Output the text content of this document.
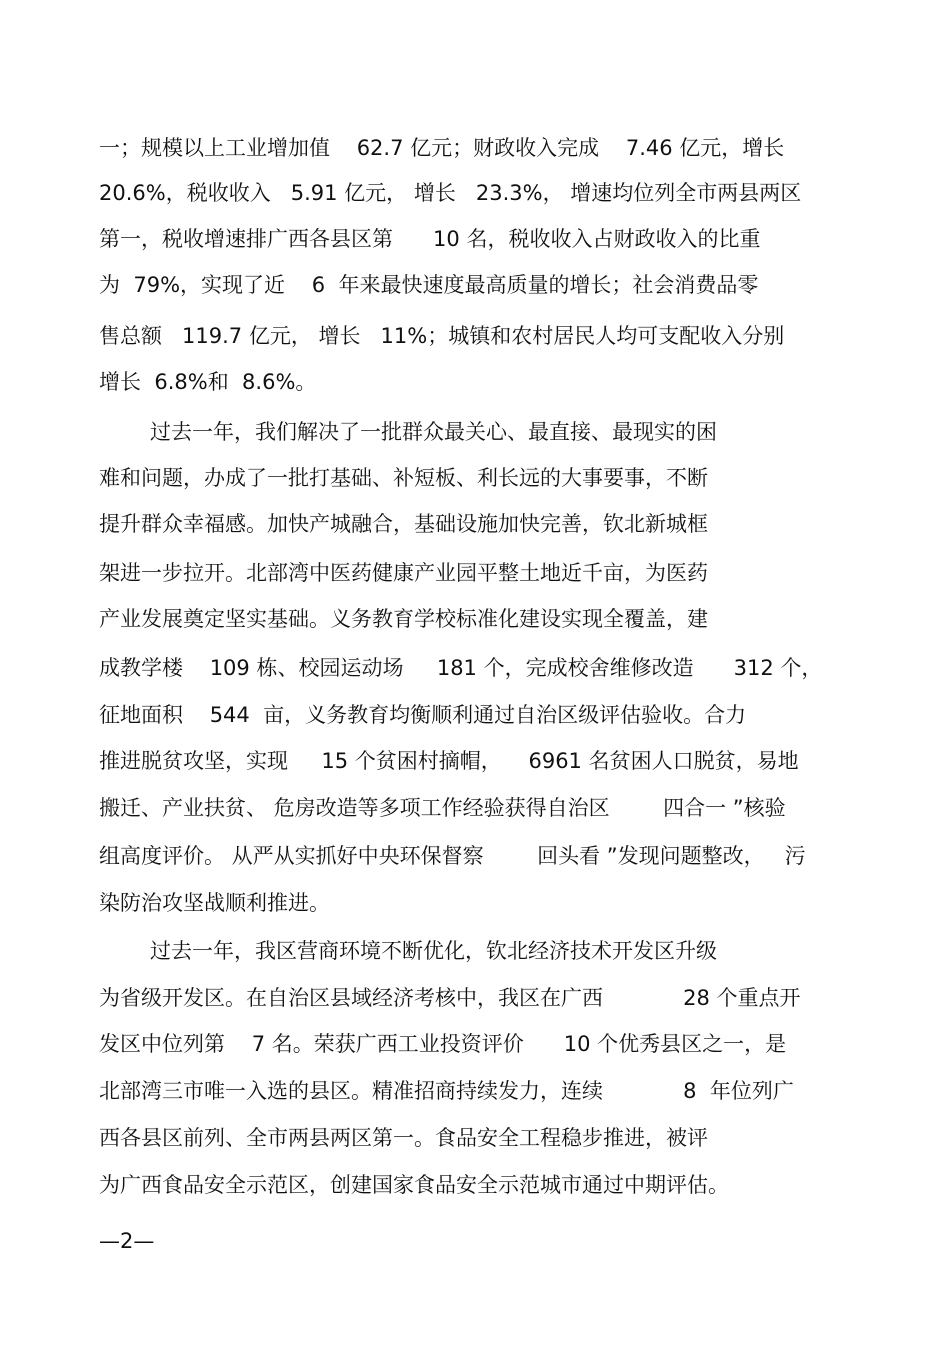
一；规模以上工业增加值    62.7 亿元；财政收入完成    7.46 亿元，增长
20.6%，税收收入   5.91 亿元， 增长   23.3%， 增速均位列全市两县两区
第一，税收增速排广西各县区第      10 名，税收收入占财政收入的比重
为  79%，实现了近    6  年来最快速度最高质量的增长；社会消费品零
售总额   119.7 亿元， 增长   11%；城镇和农村居民人均可支配收入分别
增长  6.8%和  8.6%。
过去一年，我们解决了一批群众最关心、最直接、最现实的困
难和问题，办成了一批打基础、补短板、利长远的大事要事，不断
提升群众幸福感。加快产城融合，基础设施加快完善，钦北新城框
架进一步拉开。北部湾中医药健康产业园平整土地近千亩，为医药
产业发展奠定坚实基础。义务教育学校标准化建设实现全覆盖，建
成教学楼    109 栋、校园运动场     181 个，完成校舍维修改造      312 个，
征地面积    544  亩，义务教育均衡顺利通过自治区级评估验收。合力
推进脱贫攻坚，实现     15 个贫困村摘帽，    6961 名贫困人口脱贫，易地
搬迁、产业扶贫、 危房改造等多项工作经验获得自治区        四合一 ”核验
组高度评价。 从严从实抓好中央环保督察        回头看 ”发现问题整改，   污
染防治攻坚战顺利推进。
过去一年，我区营商环境不断优化，钦北经济技术开发区升级
为省级开发区。在自治区县域经济考核中，我区在广西            28 个重点开
发区中位列第    7 名。荣获广西工业投资评价      10 个优秀县区之一，是
北部湾三市唯一入选的县区。精准招商持续发力，连续            8  年位列广
西各县区前列、全市两县两区第一。食品安全工程稳步推进，被评
为广西食品安全示范区，创建国家食品安全示范城市通过中期评估。
—2—
